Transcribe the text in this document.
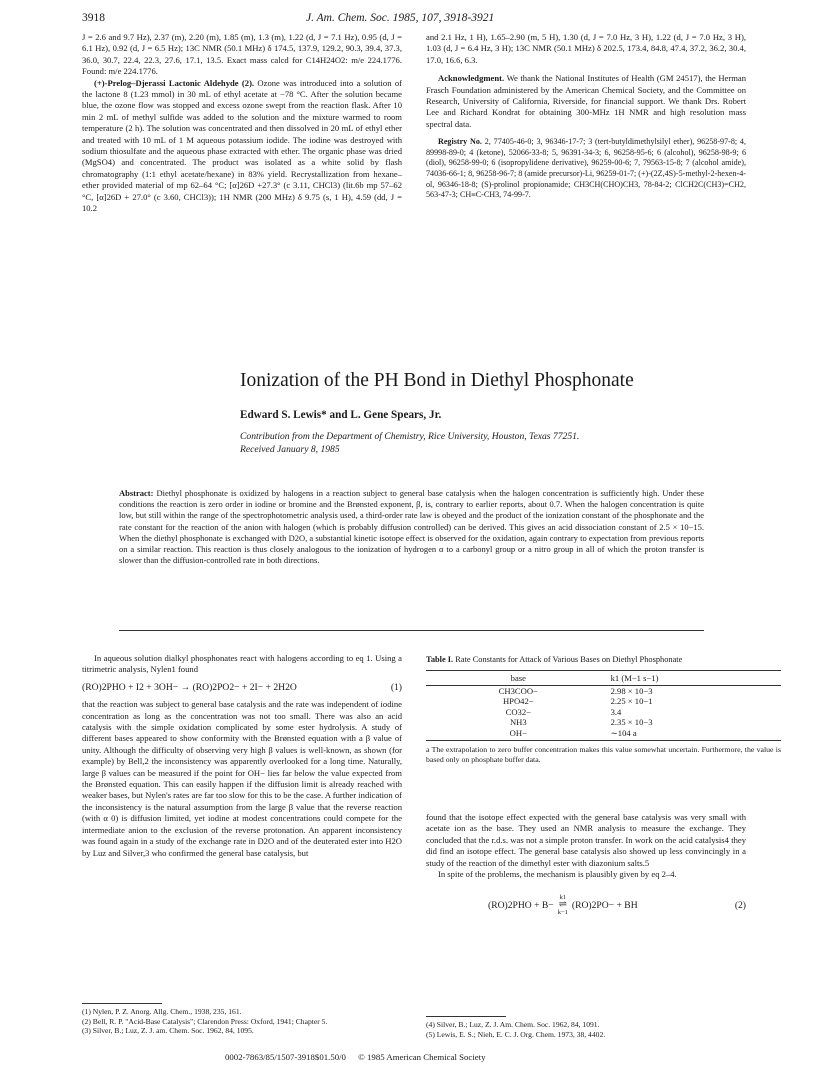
3918	J. Am. Chem. Soc. 1985, 107, 3918-3921

J = 2.6 and 9.7 Hz), 2.37 (m), 2.20 (m), 1.85 (m), 1.3 (m), 1.22 (d, J = 7.1 Hz), 0.95 (d, J = 6.1 Hz), 0.92 (d, J = 6.5 Hz); 13C NMR (50.1 MHz) δ 174.5, 137.9, 129.2, 90.3, 39.4, 37.3, 36.0, 30.7, 22.4, 22.3, 27.6, 17.1, 13.5. Exact mass calcd for C14H24O2: m/e 224.1776. Found: m/e 224.1776.

(+)-Prelog–Djerassi Lactonic Aldehyde (2). Ozone was introduced into a solution of the lactone 8 (1.23 mmol) in 30 mL of ethyl acetate at −78 °C. After the solution became blue, the ozone flow was stopped and excess ozone swept from the reaction flask. After 10 min 2 mL of methyl sulfide was added to the solution and the mixture warmed to room temperature (2 h). The solution was concentrated and then dissolved in 20 mL of ethyl ether and treated with 10 mL of 1 M aqueous potassium iodide. The iodine was destroyed with sodium thiosulfate and the aqueous phase extracted with ether. The organic phase was dried (MgSO4) and concentrated. The product was isolated as a white solid by flash chromatography (1:1 ethyl acetate/hexane) in 83% yield. Recrystallization from hexane–ether provided material of mp 62–64 °C; [α]26D +27.3° (c 3.11, CHCl3) (lit.6b mp 57–62 °C, [α]26D + 27.0° (c 3.60, CHCl3)); 1H NMR (200 MHz) δ 9.75 (s, 1 H), 4.59 (dd, J = 10.2

and 2.1 Hz, 1 H), 1.65–2.90 (m, 5 H), 1.30 (d, J = 7.0 Hz, 3 H), 1.22 (d, J = 7.0 Hz, 3 H), 1.03 (d, J = 6.4 Hz, 3 H); 13C NMR (50.1 MHz) δ 202.5, 173.4, 84.8, 47.4, 37.2, 36.2, 30.4, 17.0, 16.6, 6.3.

Acknowledgment. We thank the National Institutes of Health (GM 24517), the Herman Frasch Foundation administered by the American Chemical Society, and the Committee on Research, University of California, Riverside, for financial support. We thank Drs. Robert Lee and Richard Kondrat for obtaining 300-MHz 1H NMR and high resolution mass spectral data.

Registry No. 2, 77405-46-0; 3, 96346-17-7; 3 (tert-butyldimethylsilyl ether), 96258-97-8; 4, 89998-89-0; 4 (ketone), 52066-33-8; 5, 96391-34-3; 6, 96258-95-6; 6 (alcohol), 96258-98-9; 6 (diol), 96258-99-0; 6 (isopropylidene derivative), 96259-00-6; 7, 79563-15-8; 7 (alcohol amide), 74036-66-1; 8, 96258-96-7; 8 (amide precursor)-Li, 96259-01-7; (+)-(2Z,4S)-5-methyl-2-hexen-4-ol, 96346-18-8; (S)-prolinol propionamide; CH3CH(CHO)CH3, 78-84-2; ClCH2C(CH3)=CH2, 563-47-3; CH≡C-CH3, 74-99-7.

Ionization of the PH Bond in Diethyl Phosphonate
Edward S. Lewis* and L. Gene Spears, Jr.
Contribution from the Department of Chemistry, Rice University, Houston, Texas 77251.
Received January 8, 1985
Abstract: Diethyl phosphonate is oxidized by halogens in a reaction subject to general base catalysis when the halogen concentration is sufficiently high. Under these conditions the reaction is zero order in iodine or bromine and the Brønsted exponent, β, is, contrary to earlier reports, about 0.7. When the halogen concentration is quite low, but still within the range of the spectrophotometric analysis used, a third-order rate law is obeyed and the product of the ionization constant of the phosphonate and the rate constant for the reaction of the anion with halogen (which is probably diffusion controlled) can be derived. This gives an acid dissociation constant of 2.5 × 10−15. When the diethyl phosphonate is exchanged with D2O, a substantial kinetic isotope effect is observed for the oxidation, again contrary to expectation from previous reports on a similar reaction. This reaction is thus closely analogous to the ionization of hydrogen α to a carbonyl group or a nitro group in all of which the proton transfer is slower than the diffusion-controlled rate in both directions.

In aqueous solution dialkyl phosphonates react with halogens according to eq 1. Using a titrimetric analysis, Nylen1 found

(RO)2PHO + I2 + 3OH− → (RO)2PO2− + 2I− + 2H2O	(1)

that the reaction was subject to general base catalysis and the rate was independent of iodine concentration as long as the concentration was not too small. There was also an acid catalysis with the simple oxidation complicated by some ester hydrolysis. A study of different bases appeared to show conformity with the Brønsted equation with a β value of unity. Although the difficulty of observing very high β values is well-known, as shown (for example) by Bell,2 the inconsistency was apparently overlooked for a long time. Naturally, large β values can be measured if the point for OH− lies far below the value expected from the Brønsted equation. This can easily happen if the diffusion limit is already reached with weaker bases, but Nylen's rates are far too slow for this to be the case. A further indication of the inconsistency is the natural assumption from the large β value that the reverse reaction (with α 0) is diffusion limited, yet iodine at modest concentrations could compete for the intermediate anion to the exclusion of the reverse protonation. An apparent inconsistency was found again in a study of the exchange rate in D2O and of the deuterated ester into H2O by Luz and Silver,3 who confirmed the general base catalysis, but

(1) Nylen, P. Z. Anorg. Allg. Chem., 1938, 235, 161.
(2) Bell, R. P. "Acid-Base Catalysis"; Clarendon Press: Oxford, 1941; Chapter 5.
(3) Silver, B.; Luz, Z. J. am. Chem. Soc. 1962, 84, 1095.
Table I. Rate Constants for Attack of Various Bases on Diethyl Phosphonate
base	k1 (M−1 s−1)
CH3COO−	2.98 × 10−3
HPO42−	2.25 × 10−1
CO32−	3.4
NH3	2.35 × 10−3
OH−	∼104 a
a The extrapolation to zero buffer concentration makes this value somewhat uncertain. Furthermore, the value is based only on phosphate buffer data.

found that the isotope effect expected with the general base catalysis was very small with acetate ion as the base. They used an NMR analysis to measure the exchange. They concluded that the r.d.s. was not a simple proton transfer. In work on the acid catalysis4 they did find an isotope effect. The general base catalysis also showed up less convincingly in a study of the reaction of the dimethyl ester with diazonium salts.5

In spite of the problems, the mechanism is plausibly given by eq 2–4.

(RO)2PHO + B−
k1
⇌
k−1
(RO)2PO− + BH	(2)
(4) Silver, B.; Luz, Z. J. Am. Chem. Soc. 1962, 84, 1091.
(5) Lewis, E. S.; Nieh, E. C. J. Org. Chem. 1973, 38, 4402.
0002-7863/85/1507-3918$01.50/0 © 1985 American Chemical Society
